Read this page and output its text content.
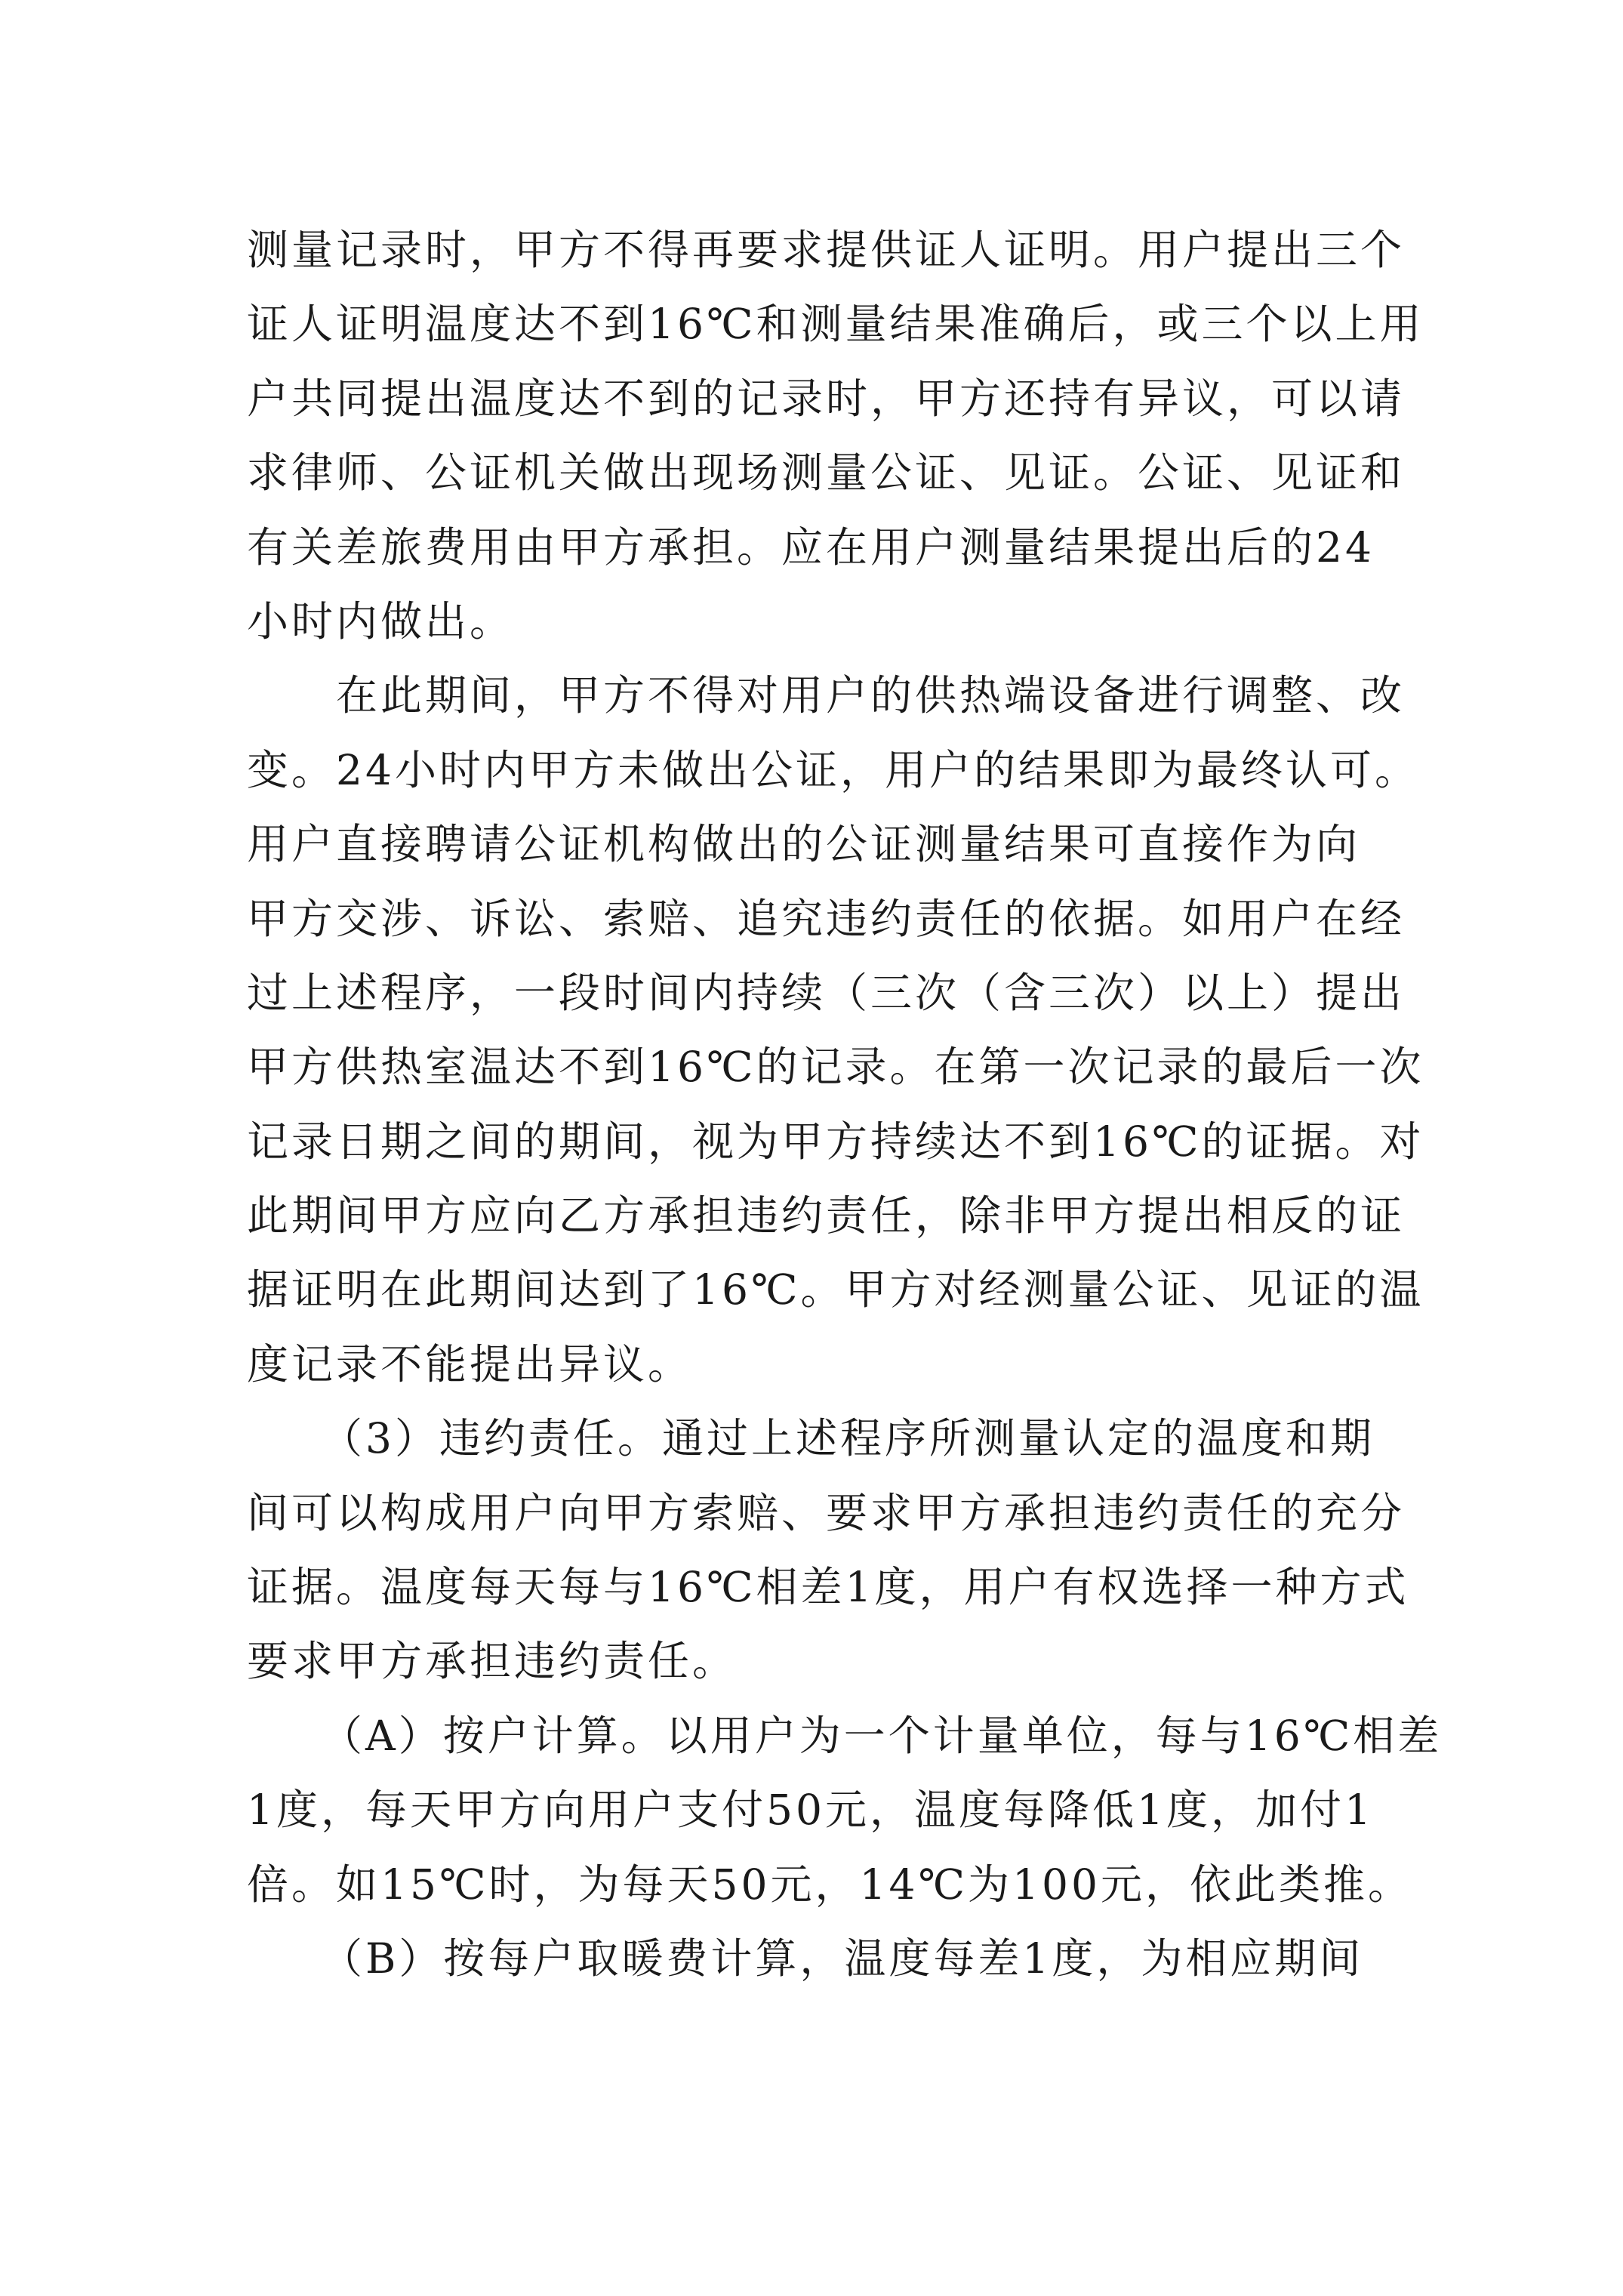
测量记录时，甲方不得再要求提供证人证明。用户提出三个
证人证明温度达不到16℃和测量结果准确后，或三个以上用
户共同提出温度达不到的记录时，甲方还持有异议，可以请
求律师、公证机关做出现场测量公证、见证。公证、见证和
有关差旅费用由甲方承担。应在用户测量结果提出后的24
小时内做出。
在此期间，甲方不得对用户的供热端设备进行调整、改
变。24小时内甲方未做出公证，用户的结果即为最终认可。
用户直接聘请公证机构做出的公证测量结果可直接作为向
甲方交涉、诉讼、索赔、追究违约责任的依据。如用户在经
过上述程序，一段时间内持续（三次（含三次）以上）提出
甲方供热室温达不到16℃的记录。在第一次记录的最后一次
记录日期之间的期间，视为甲方持续达不到16℃的证据。对
此期间甲方应向乙方承担违约责任，除非甲方提出相反的证
据证明在此期间达到了16℃。甲方对经测量公证、见证的温
度记录不能提出异议。
（3）违约责任。通过上述程序所测量认定的温度和期
间可以构成用户向甲方索赔、要求甲方承担违约责任的充分
证据。温度每天每与16℃相差1度，用户有权选择一种方式
要求甲方承担违约责任。
（A）按户计算。以用户为一个计量单位，每与16℃相差
1度，每天甲方向用户支付50元，温度每降低1度，加付1
倍。如15℃时，为每天50元，14℃为100元，依此类推。
（B）按每户取暖费计算，温度每差1度，为相应期间
